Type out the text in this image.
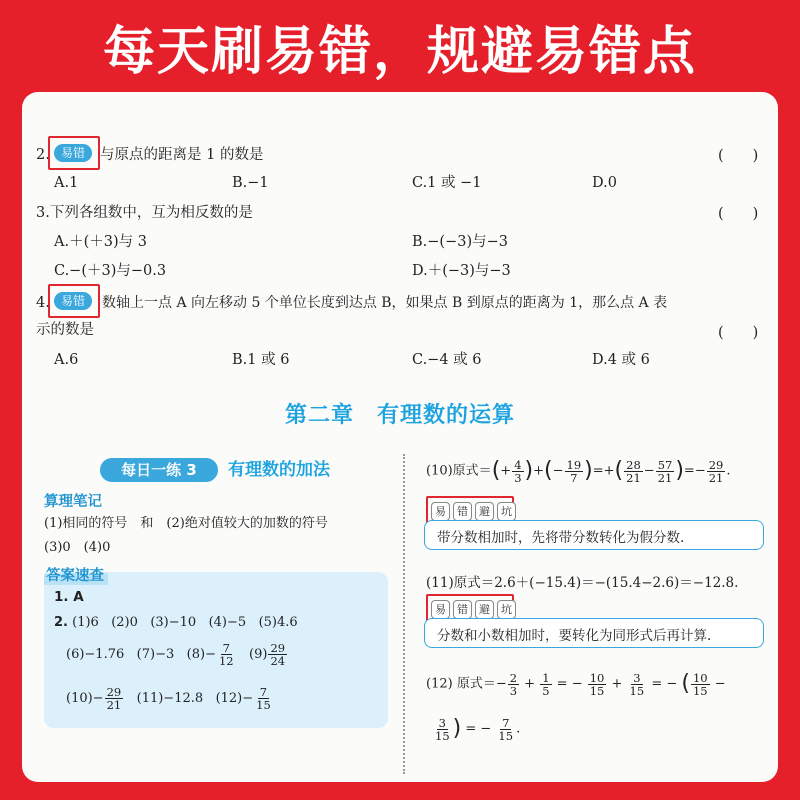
每天刷易错，规避易错点
2. 易错	与原点的距离是 1 的数是	(　　)
A.1	B.−1	C.1 或 −1	D.0
3.下列各组数中，互为相反数的是	(　　)
A.＋(＋3)与 3	B.−(−3)与−3
C.−(＋3)与−0.3	D.＋(−3)与−3
4. 易错	数轴上一点 A 向左移动 5 个单位长度到达点 B，如果点 B 到原点的距离为 1，那么点 A 表
示的数是	(　　)
A.6	B.1 或 6	C.−4 或 6	D.4 或 6
第二章　有理数的运算
每日一练 3	有理数的加法
算理笔记
(1)相同的符号　和　(2)绝对值较大的加数的符号
(3)0　(4)0
答案速查
1. A
2. (1)6 (2)0 (3)−10 (4)−5 (5)4.6
(6)−1.76 (7)−3 $(8)- \frac{7}{12} (9) \frac{29}{24}$
$(10)- \frac{29}{21} (11)-12.8$ $(12)- \frac{7}{15}$
(10)原式＝(+ $\frac{4}{3}$ )+(− $\frac{19}{7}$ )=+( $\frac{28}{21} - \frac{57}{21}$ )=− $\frac{29}{21}$ .
易	错	避	坑
带分数相加时，先将带分数转化为假分数.
(11)原式＝2.6＋(−15.4)＝−(15.4−2.6)＝−12.8.
易	错	避	坑
分数和小数相加时，要转化为同形式后再计算.
(12) 原式＝− $\frac{2}{3} + \frac{1}{5}$ = − $\frac{10}{15} + \frac{3}{15}$ = − ( $\frac{10}{15}$ −
$\frac{3}{15}$ ) = − $\frac{7}{15}$ .
